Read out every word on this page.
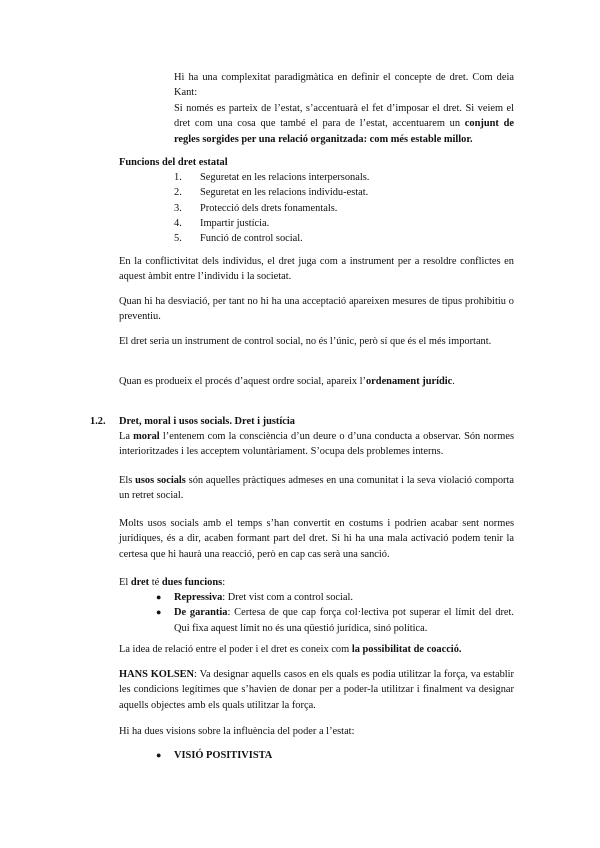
Hi ha una complexitat paradigmàtica en definir el concepte de dret. Com deia Kant:

Si només es parteix de l’estat, s’accentuarà el fet d’imposar el dret. Si veiem el dret com una cosa que també el para de l’estat, accentuarem un conjunt de regles sorgides per una relació organitzada: com més estable millor.

Funcions del dret estatal

1.	Seguretat en les relacions interpersonals.
2.	Seguretat en les relacions individu-estat.
3.	Protecció dels drets fonamentals.
4.	Impartir justícia.
5.	Funció de control social.

En la conflictivitat dels individus, el dret juga com a instrument per a resoldre conflictes en aquest àmbit entre l’individu i la societat.

Quan hi ha desviació, per tant no hi ha una acceptació apareixen mesures de tipus prohibitiu o preventiu.

El dret seria un instrument de control social, no és l’únic, però sí que és el més important.

Quan es produeix el procés d’aquest ordre social, apareix l’ordenament jurídic.

1.2. Dret, moral i usos socials. Dret i justícia

La moral l’entenem com la consciència d’un deure o d’una conducta a observar. Són normes interioritzades i les acceptem voluntàriament. S’ocupa dels problemes interns.

Els usos socials són aquelles pràctiques admeses en una comunitat i la seva violació comporta un retret social.

Molts usos socials amb el temps s’han convertit en costums i podrien acabar sent normes jurídiques, és a dir, acaben formant part del dret. Si hi ha una mala activació podem tenir la certesa que hi haurà una reacció, però en cap cas serà una sanció.

El dret té dues funcions:

● Repressiva: Dret vist com a control social.
● De garantia: Certesa de que cap força col·lectiva pot superar el límit del dret. Qui fixa aquest límit no és una qüestió jurídica, sinó política.

La idea de relació entre el poder i el dret es coneix com la possibilitat de coacció.

HANS KOLSEN: Va designar aquells casos en els quals es podia utilitzar la força, va establir les condicions legítimes que s’havien de donar per a poder-la utilitzar i finalment va designar aquells objectes amb els quals utilitzar la força.

Hi ha dues visions sobre la influència del poder a l’estat:

● VISIÓ POSITIVISTA
